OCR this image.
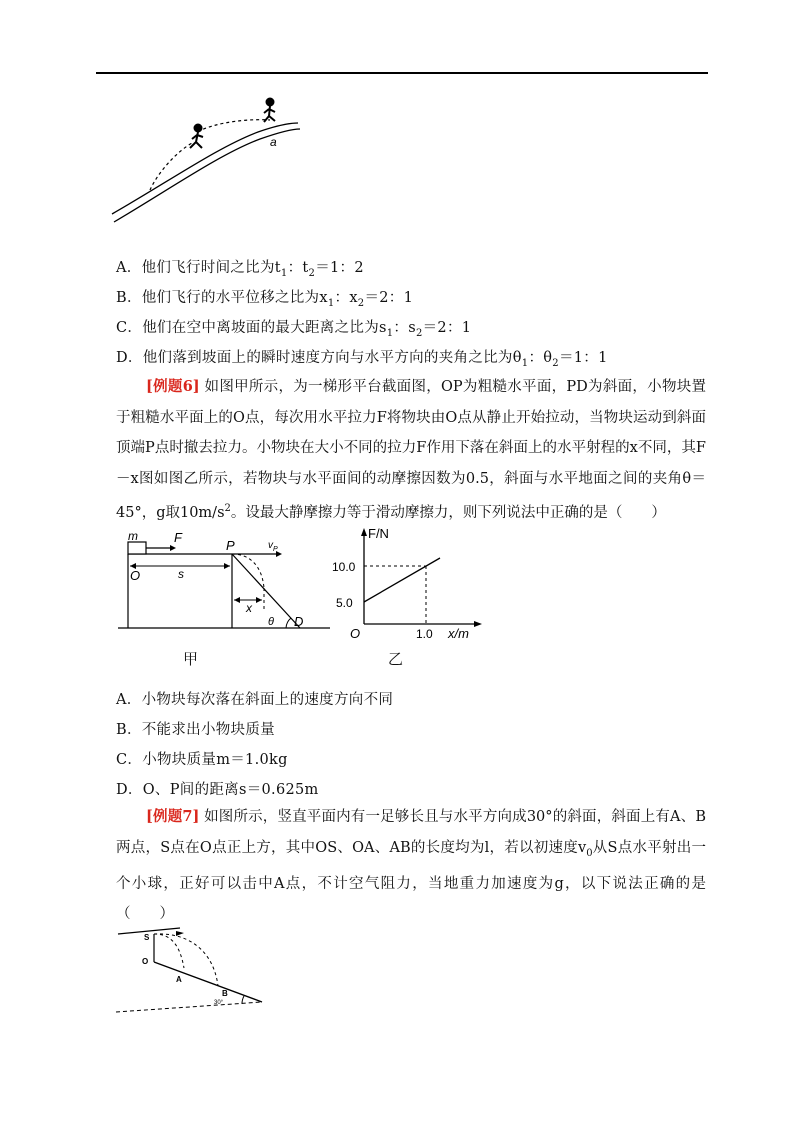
a
A．他们飞行时间之比为$t_1$：$t_2=1$：2
B．他们飞行的水平位移之比为$x_1$：$x_2=2$：1
C．他们在空中离坡面的最大距离之比为$s_1$：$s_2=2$：1
D．他们落到坡面上的瞬时速度方向与水平方向的夹角之比为$\theta_1$：$\theta_2=1$：1
[例题6] 如图甲所示，为一梯形平台截面图，OP为粗糙水平面，PD为斜面，小物块置于粗糙水平面上的O点，每次用水平拉力F将物块由O点从静止开始拉动，当物块运动到斜面顶端P点时撤去拉力。小物块在大小不同的拉力F作用下落在斜面上的水平射程的x不同，其F－x图如图乙所示，若物块与水平面间的动摩擦因数为0.5，斜面与水平地面之间的夹角θ＝45°，g取$10m/s^2$。设最大静摩擦力等于滑动摩擦力，则下列说法中正确的是（　　）
m	F
P	$v_P$
s
O
x
θ D
甲
F/N
10.0
5.0
O	1.0 x/m
乙
A．小物块每次落在斜面上的速度方向不同
B．不能求出小物块质量
C．小物块质量m＝1.0kg
D．O、P间的距离s＝0.625m
[例题7] 如图所示，竖直平面内有一足够长且与水平方向成30°的斜面，斜面上有A、B两点，S点在O点正上方，其中OS、OA、AB的长度均为l，若以初速度$v_0$从S点水平射出一个小球，正好可以击中A点，不计空气阻力，当地重力加速度为g，以下说法正确的是（　　）
S
O
A
B
30°
